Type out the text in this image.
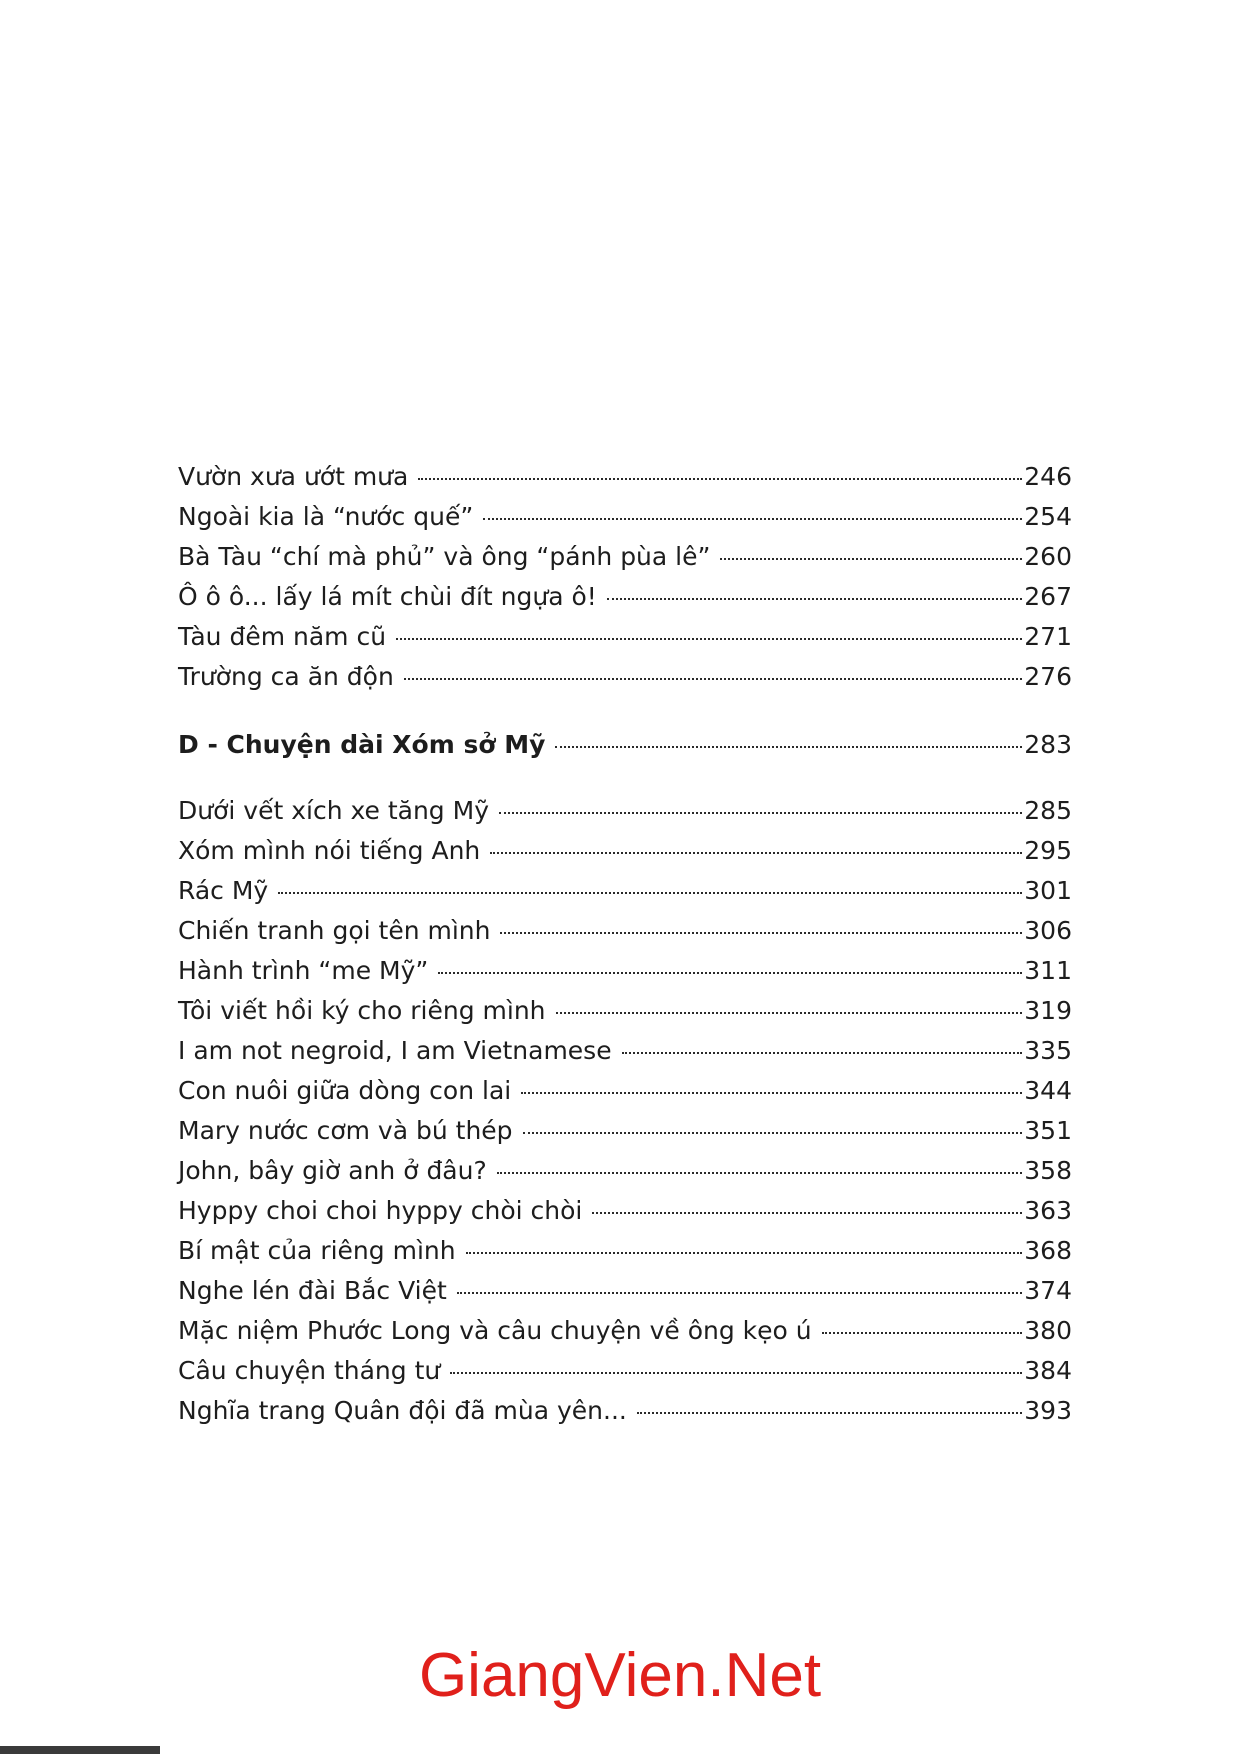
Vườn xưa ướt mưa	246
Ngoài kia là “nước quế”	254
Bà Tàu “chí mà phủ” và ông “pánh pùa lê”	260
Ô ô ô... lấy lá mít chùi đít ngựa ô!	267
Tàu đêm năm cũ	271
Trường ca ăn độn	276
D - Chuyện dài Xóm sở Mỹ	283
Dưới vết xích xe tăng Mỹ	285
Xóm mình nói tiếng Anh	295
Rác Mỹ	301
Chiến tranh gọi tên mình	306
Hành trình “me Mỹ”	311
Tôi viết hồi ký cho riêng mình	319
I am not negroid, I am Vietnamese	335
Con nuôi giữa dòng con lai	344
Mary nước cơm và bú thép	351
John, bây giờ anh ở đâu?	358
Hyppy choi choi hyppy chòi chòi	363
Bí mật của riêng mình	368
Nghe lén đài Bắc Việt	374
Mặc niệm Phước Long và câu chuyện về ông kẹo ú	380
Câu chuyện tháng tư	384
Nghĩa trang Quân đội đã mùa yên...	393
GiangVien.Net
